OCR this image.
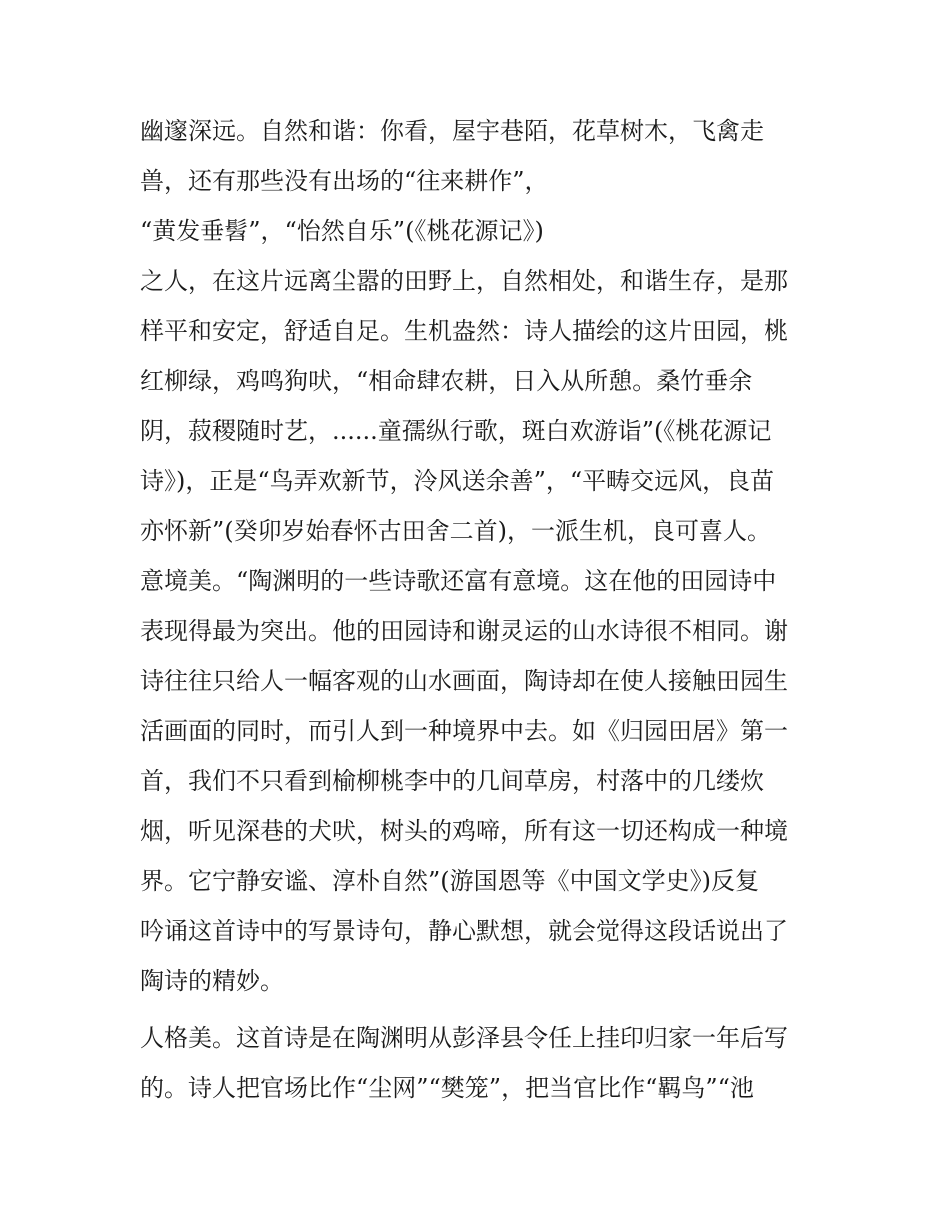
幽邃深远。自然和谐：你看，屋宇巷陌，花草树木，飞禽走

兽，还有那些没有出场的“往来耕作”，

“黄发垂髫”，“怡然自乐”(《桃花源记》)

之人，在这片远离尘嚣的田野上，自然相处，和谐生存，是那

样平和安定，舒适自足。生机盎然：诗人描绘的这片田园，桃

红柳绿，鸡鸣狗吠，“相命肆农耕，日入从所憩。桑竹垂余

阴，菽稷随时艺，......童孺纵行歌，斑白欢游诣”(《桃花源记

诗》)，正是“鸟弄欢新节，泠风送余善”，“平畴交远风，良苗

亦怀新”(癸卯岁始春怀古田舍二首)，一派生机，良可喜人。

意境美。“陶渊明的一些诗歌还富有意境。这在他的田园诗中

表现得最为突出。他的田园诗和谢灵运的山水诗很不相同。谢

诗往往只给人一幅客观的山水画面，陶诗却在使人接触田园生

活画面的同时，而引人到一种境界中去。如《归园田居》第一

首，我们不只看到榆柳桃李中的几间草房，村落中的几缕炊

烟，听见深巷的犬吠，树头的鸡啼，所有这一切还构成一种境

界。它宁静安谧、淳朴自然”(游国恩等《中国文学史》)反复

吟诵这首诗中的写景诗句，静心默想，就会觉得这段话说出了

陶诗的精妙。

人格美。这首诗是在陶渊明从彭泽县令任上挂印归家一年后写

的。诗人把官场比作“尘网”“樊笼”，把当官比作“羁鸟”“池
